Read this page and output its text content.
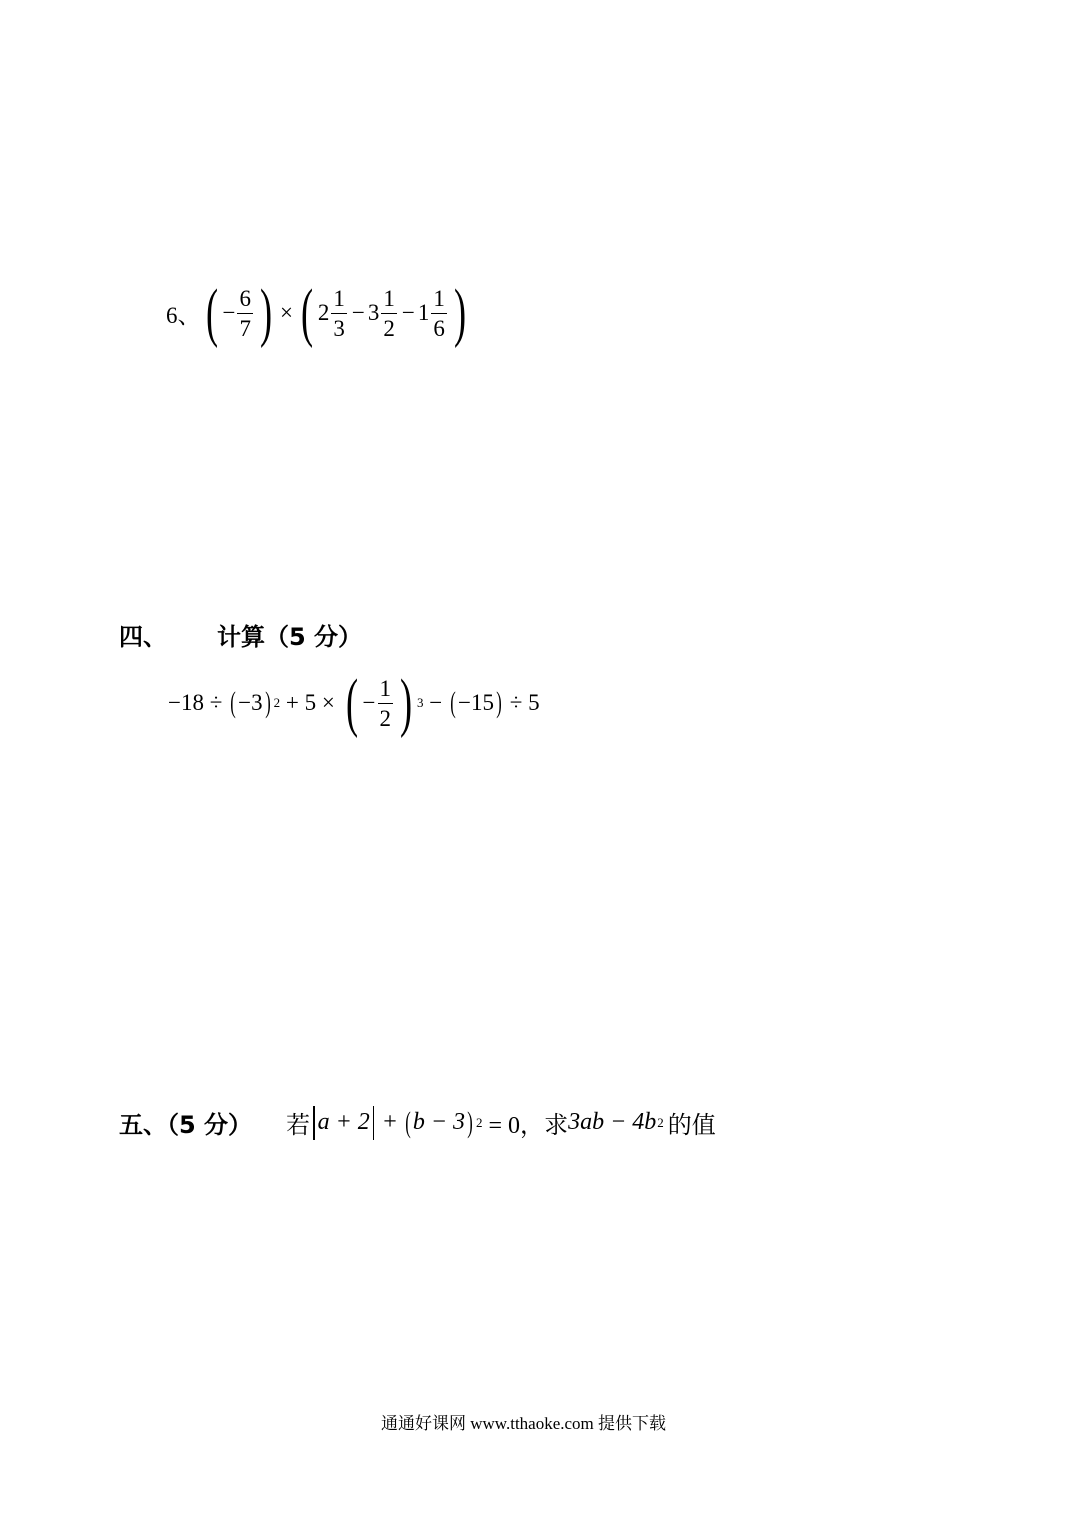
6、 ( − $\frac{6}{7}$ ) × ( $2 \frac{1}{3} - 3 \frac{1}{2} - 1 \frac{1}{6}$ )
四、 计算（5 分）
−18 ÷ ( −3 ) 2 + 5 × ( − $\frac{1}{2}$ ) 3 − ( −15 ) ÷ 5
五、（5 分） 若 a + 2 + ( b − 3 ) 2 = 0， 求 3ab − 4b 2 的值
通通好课网 www.tthaoke.com 提供下载
